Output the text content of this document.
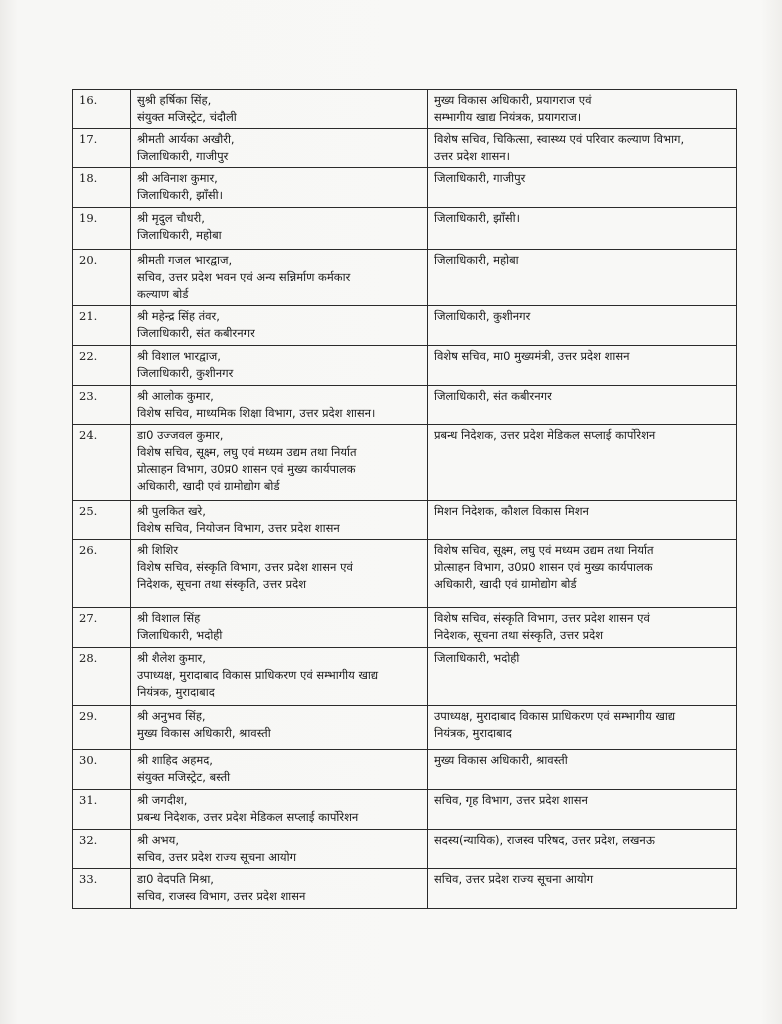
16.	सुश्री हर्षिका सिंह,
संयुक्त मजिस्ट्रेट, चंदौली	मुख्य विकास अधिकारी, प्रयागराज एवं
सम्भागीय खाद्य नियंत्रक, प्रयागराज।

17.	श्रीमती आर्यका अखौरी,
जिलाधिकारी, गाजीपुर	विशेष सचिव, चिकित्सा, स्वास्थ्य एवं परिवार कल्याण विभाग,
उत्तर प्रदेश शासन।

18.	श्री अविनाश कुमार,
जिलाधिकारी, झाँसी।	जिलाधिकारी, गाजीपुर

19.	श्री मृदुल चौधरी,
जिलाधिकारी, महोबा	जिलाधिकारी, झाँसी।

20.	श्रीमती गजल भारद्वाज,
सचिव, उत्तर प्रदेश भवन एवं अन्य सन्निर्माण कर्मकार
कल्याण बोर्ड	जिलाधिकारी, महोबा

21.	श्री महेन्द्र सिंह तंवर,
जिलाधिकारी, संत कबीरनगर	जिलाधिकारी, कुशीनगर

22.	श्री विशाल भारद्वाज,
जिलाधिकारी, कुशीनगर	विशेष सचिव, मा0 मुख्यमंत्री, उत्तर प्रदेश शासन

23.	श्री आलोक कुमार,
विशेष सचिव, माध्यमिक शिक्षा विभाग, उत्तर प्रदेश शासन।	जिलाधिकारी, संत कबीरनगर

24.	डा0 उज्जवल कुमार,
विशेष सचिव, सूक्ष्म, लघु एवं मध्यम उद्यम तथा निर्यात
प्रोत्साहन विभाग, उ0प्र0 शासन एवं मुख्य कार्यपालक
अधिकारी, खादी एवं ग्रामोद्योग बोर्ड	प्रबन्ध निदेशक, उत्तर प्रदेश मेडिकल सप्लाई कार्पोरेशन

25.	श्री पुलकित खरे,
विशेष सचिव, नियोजन विभाग, उत्तर प्रदेश शासन	मिशन निदेशक, कौशल विकास मिशन

26.	श्री शिशिर
विशेष सचिव, संस्कृति विभाग, उत्तर प्रदेश शासन एवं
निदेशक, सूचना तथा संस्कृति, उत्तर प्रदेश	विशेष सचिव, सूक्ष्म, लघु एवं मध्यम उद्यम तथा निर्यात
प्रोत्साहन विभाग, उ0प्र0 शासन एवं मुख्य कार्यपालक
अधिकारी, खादी एवं ग्रामोद्योग बोर्ड

27.	श्री विशाल सिंह
जिलाधिकारी, भदोही	विशेष सचिव, संस्कृति विभाग, उत्तर प्रदेश शासन एवं
निदेशक, सूचना तथा संस्कृति, उत्तर प्रदेश

28.	श्री शैलेश कुमार,
उपाध्यक्ष, मुरादाबाद विकास प्राधिकरण एवं सम्भागीय खाद्य
नियंत्रक, मुरादाबाद	जिलाधिकारी, भदोही

29.	श्री अनुभव सिंह,
मुख्य विकास अधिकारी, श्रावस्ती	उपाध्यक्ष, मुरादाबाद विकास प्राधिकरण एवं सम्भागीय खाद्य
नियंत्रक, मुरादाबाद

30.	श्री शाहिद अहमद,
संयुक्त मजिस्ट्रेट, बस्ती	मुख्य विकास अधिकारी, श्रावस्ती

31.	श्री जगदीश,
प्रबन्ध निदेशक, उत्तर प्रदेश मेडिकल सप्लाई कार्पोरेशन	सचिव, गृह विभाग, उत्तर प्रदेश शासन

32.	श्री अभय,
सचिव, उत्तर प्रदेश राज्य सूचना आयोग	सदस्य(न्यायिक), राजस्व परिषद, उत्तर प्रदेश, लखनऊ

33.	डा0 वेदपति मिश्रा,
सचिव, राजस्व विभाग, उत्तर प्रदेश शासन	सचिव, उत्तर प्रदेश राज्य सूचना आयोग
